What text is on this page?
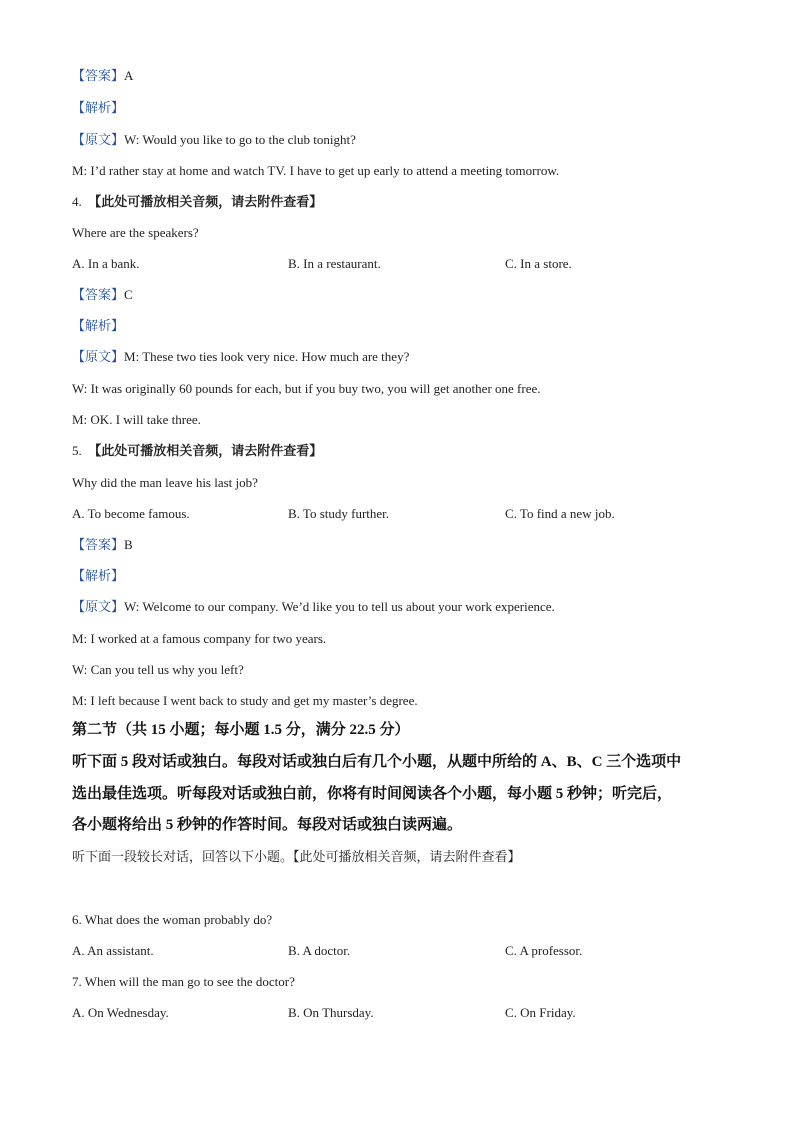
【答案】A
【解析】
【原文】W: Would you like to go to the club tonight?
M: I’d rather stay at home and watch TV. I have to get up early to attend a meeting tomorrow.
4. 【此处可播放相关音频，请去附件查看】
Where are the speakers?
A. In a bank.	B. In a restaurant.	C. In a store.
【答案】C
【解析】
【原文】M: These two ties look very nice. How much are they?
W: It was originally 60 pounds for each, but if you buy two, you will get another one free.
M: OK. I will take three.
5. 【此处可播放相关音频，请去附件查看】
Why did the man leave his last job?
A. To become famous.	B. To study further.	C. To find a new job.
【答案】B
【解析】
【原文】W: Welcome to our company. We’d like you to tell us about your work experience.
M: I worked at a famous company for two years.
W: Can you tell us why you left?
M: I left because I went back to study and get my master’s degree.
第二节（共 15 小题；每小题 1.5 分，满分 22.5 分）
听下面 5 段对话或独白。每段对话或独白后有几个小题，从题中所给的 A、B、C 三个选项中
选出最佳选项。听每段对话或独白前，你将有时间阅读各个小题，每小题 5 秒钟；听完后，
各小题将给出 5 秒钟的作答时间。每段对话或独白读两遍。
听下面一段较长对话，回答以下小题。【此处可播放相关音频，请去附件查看】
6. What does the woman probably do?
A. An assistant.	B. A doctor.	C. A professor.
7. When will the man go to see the doctor?
A. On Wednesday.	B. On Thursday.	C. On Friday.
